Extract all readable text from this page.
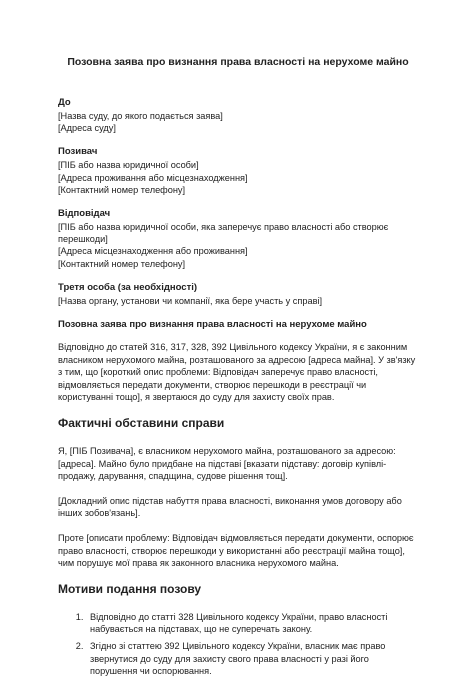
Позовна заява про визнання права власності на нерухоме майно
До
[Назва суду, до якого подається заява]
[Адреса суду]
Позивач
[ПІБ або назва юридичної особи]
[Адреса проживання або місцезнаходження]
[Контактний номер телефону]
Відповідач
[ПІБ або назва юридичної особи, яка заперечує право власності або створює
перешкоди]
[Адреса місцезнаходження або проживання]
[Контактний номер телефону]
Третя особа (за необхідності)
[Назва органу, установи чи компанії, яка бере участь у справі]
Позовна заява про визнання права власності на нерухоме майно

Відповідно до статей 316, 317, 328, 392 Цивільного кодексу України, я є законним власником нерухомого майна, розташованого за адресою [адреса майна]. У зв'язку з тим, що [короткий опис проблеми: Відповідач заперечує право власності, відмовляється передати документи, створює перешкоди в реєстрації чи користуванні тощо], я звертаюся до суду для захисту своїх прав.

Фактичні обставини справи

Я, [ПІБ Позивача], є власником нерухомого майна, розташованого за адресою: [адреса]. Майно було придбане на підставі [вказати підставу: договір купівлі-продажу, дарування, спадщина, судове рішення тощ].

[Докладний опис підстав набуття права власності, виконання умов договору або інших зобов'язань].

Проте [описати проблему: Відповідач відмовляється передати документи, оспорює право власності, створює перешкоди у використанні або реєстрації майна тощо], чим порушує мої права як законного власника нерухомого майна.

Мотиви подання позову
1. Відповідно до статті 328 Цивільного кодексу України, право власності набувається на підставах, що не суперечать закону.
2. Згідно зі статтею 392 Цивільного кодексу України, власник має право звернутися до суду для захисту свого права власності у разі його порушення чи оспорювання.
